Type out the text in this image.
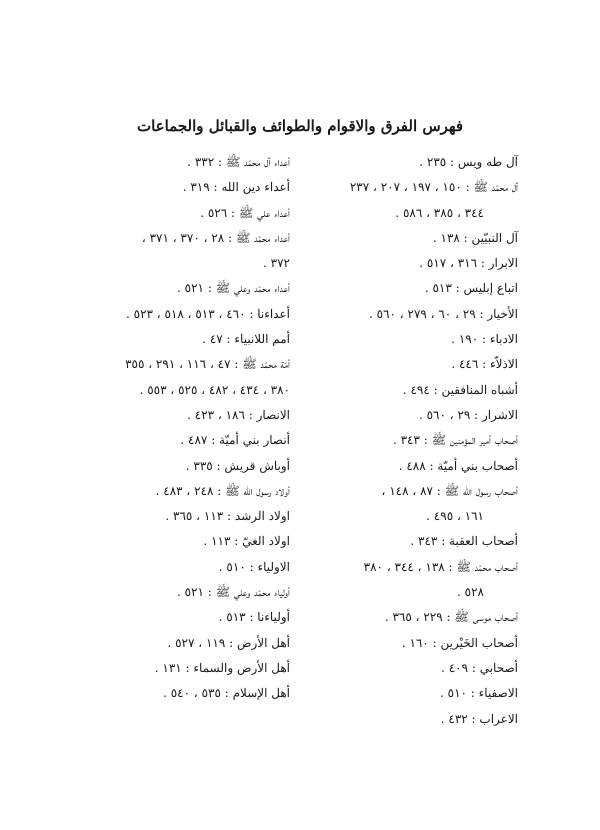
فهرس الفرق والاقوام والطوائف والقبائل والجماعات
آل طه ويس : ٢٣٥ .
آل محمّد ﷺ : ١٥٠ ، ١٩٧ ، ٢٠٧ ، ٢٣٧
٣٤٤ ، ٣٨٥ ، ٥٨٦ .
آل النبيّين : ١٣٨ .
الابرار : ٣١٦ ، ٥١٧ .
اتباع إبليس : ٥١٣ .
الأخيار : ٢٩ ، ٦٠ ، ٢٧٩ ، ٥٦٠ .
الادباء : ١٩٠ .
الاذلاّء : ٤٤٦ .
أشباه المنافقين : ٤٩٤ .
الاشرار : ٢٩ ، ٥٦٠ .
أصحاب أمير المؤمنين ﷺ : ٣٤٣ .
أصحاب بني أميّة : ٤٨٨ .
أصحاب رسول الله ﷺ : ٨٧ ، ١٤٨ ،
١٦١ ، ٤٩٥ .
أصحاب العقبة : ٣٤٣ .
أصحاب محمّد ﷺ : ١٣٨ ، ٣٤٤ ، ٣٨٠
٥٢٨ .
أصحاب موسى ﷺ : ٢٢٩ ، ٣٦٥ .
أصحاب الخَيْرين : ١٦٠ .
أصحابي : ٤٠٩ .
الاصفياء : ٥١٠ .
الاعراب : ٤٣٢ .
أعداء آل محمّد ﷺ : ٣٣٢ .
أعداء دين الله : ٣١٩ .
أعداء علي ﷺ : ٥٢٦ .
أعداء محمّد ﷺ : ٢٨ ، ٣٧٠ ، ٣٧١ ،
٣٧٢ .
أعداء محمّد وعلي ﷺ : ٥٢١ .
أعداءنا : ٤٦٠ ، ٥١٣ ، ٥١٨ ، ٥٢٣ .
أمم اللانبياء : ٤٧ .
أمّة محمّد ﷺ : ٤٧ ، ١١٦ ، ٢٩١ ، ٣٥٥
٣٨٠ ، ٤٣٤ ، ٤٨٢ ، ٥٢٥ ، ٥٥٣ .
الانصار : ١٨٦ ، ٤٢٣ .
أنصار بني أميّة : ٤٨٧ .
أوباش قريش : ٣٣٥ .
أولاد رسول الله ﷺ : ٢٤٨ ، ٤٨٣ .
اولاد الرشد : ١١٣ ، ٣٦٥ .
اولاد الغيّ : ١١٣ .
الاولياء : ٥١٠ .
أولياء محمّد وعلي ﷺ : ٥٢١ .
أولياءنا : ٥١٣ .
أهل الأرض : ١١٩ ، ٥٢٧ .
أهل الأرض والسماء : ١٣١ .
أهل الإسلام : ٥٣٥ ، ٥٤٠ .
